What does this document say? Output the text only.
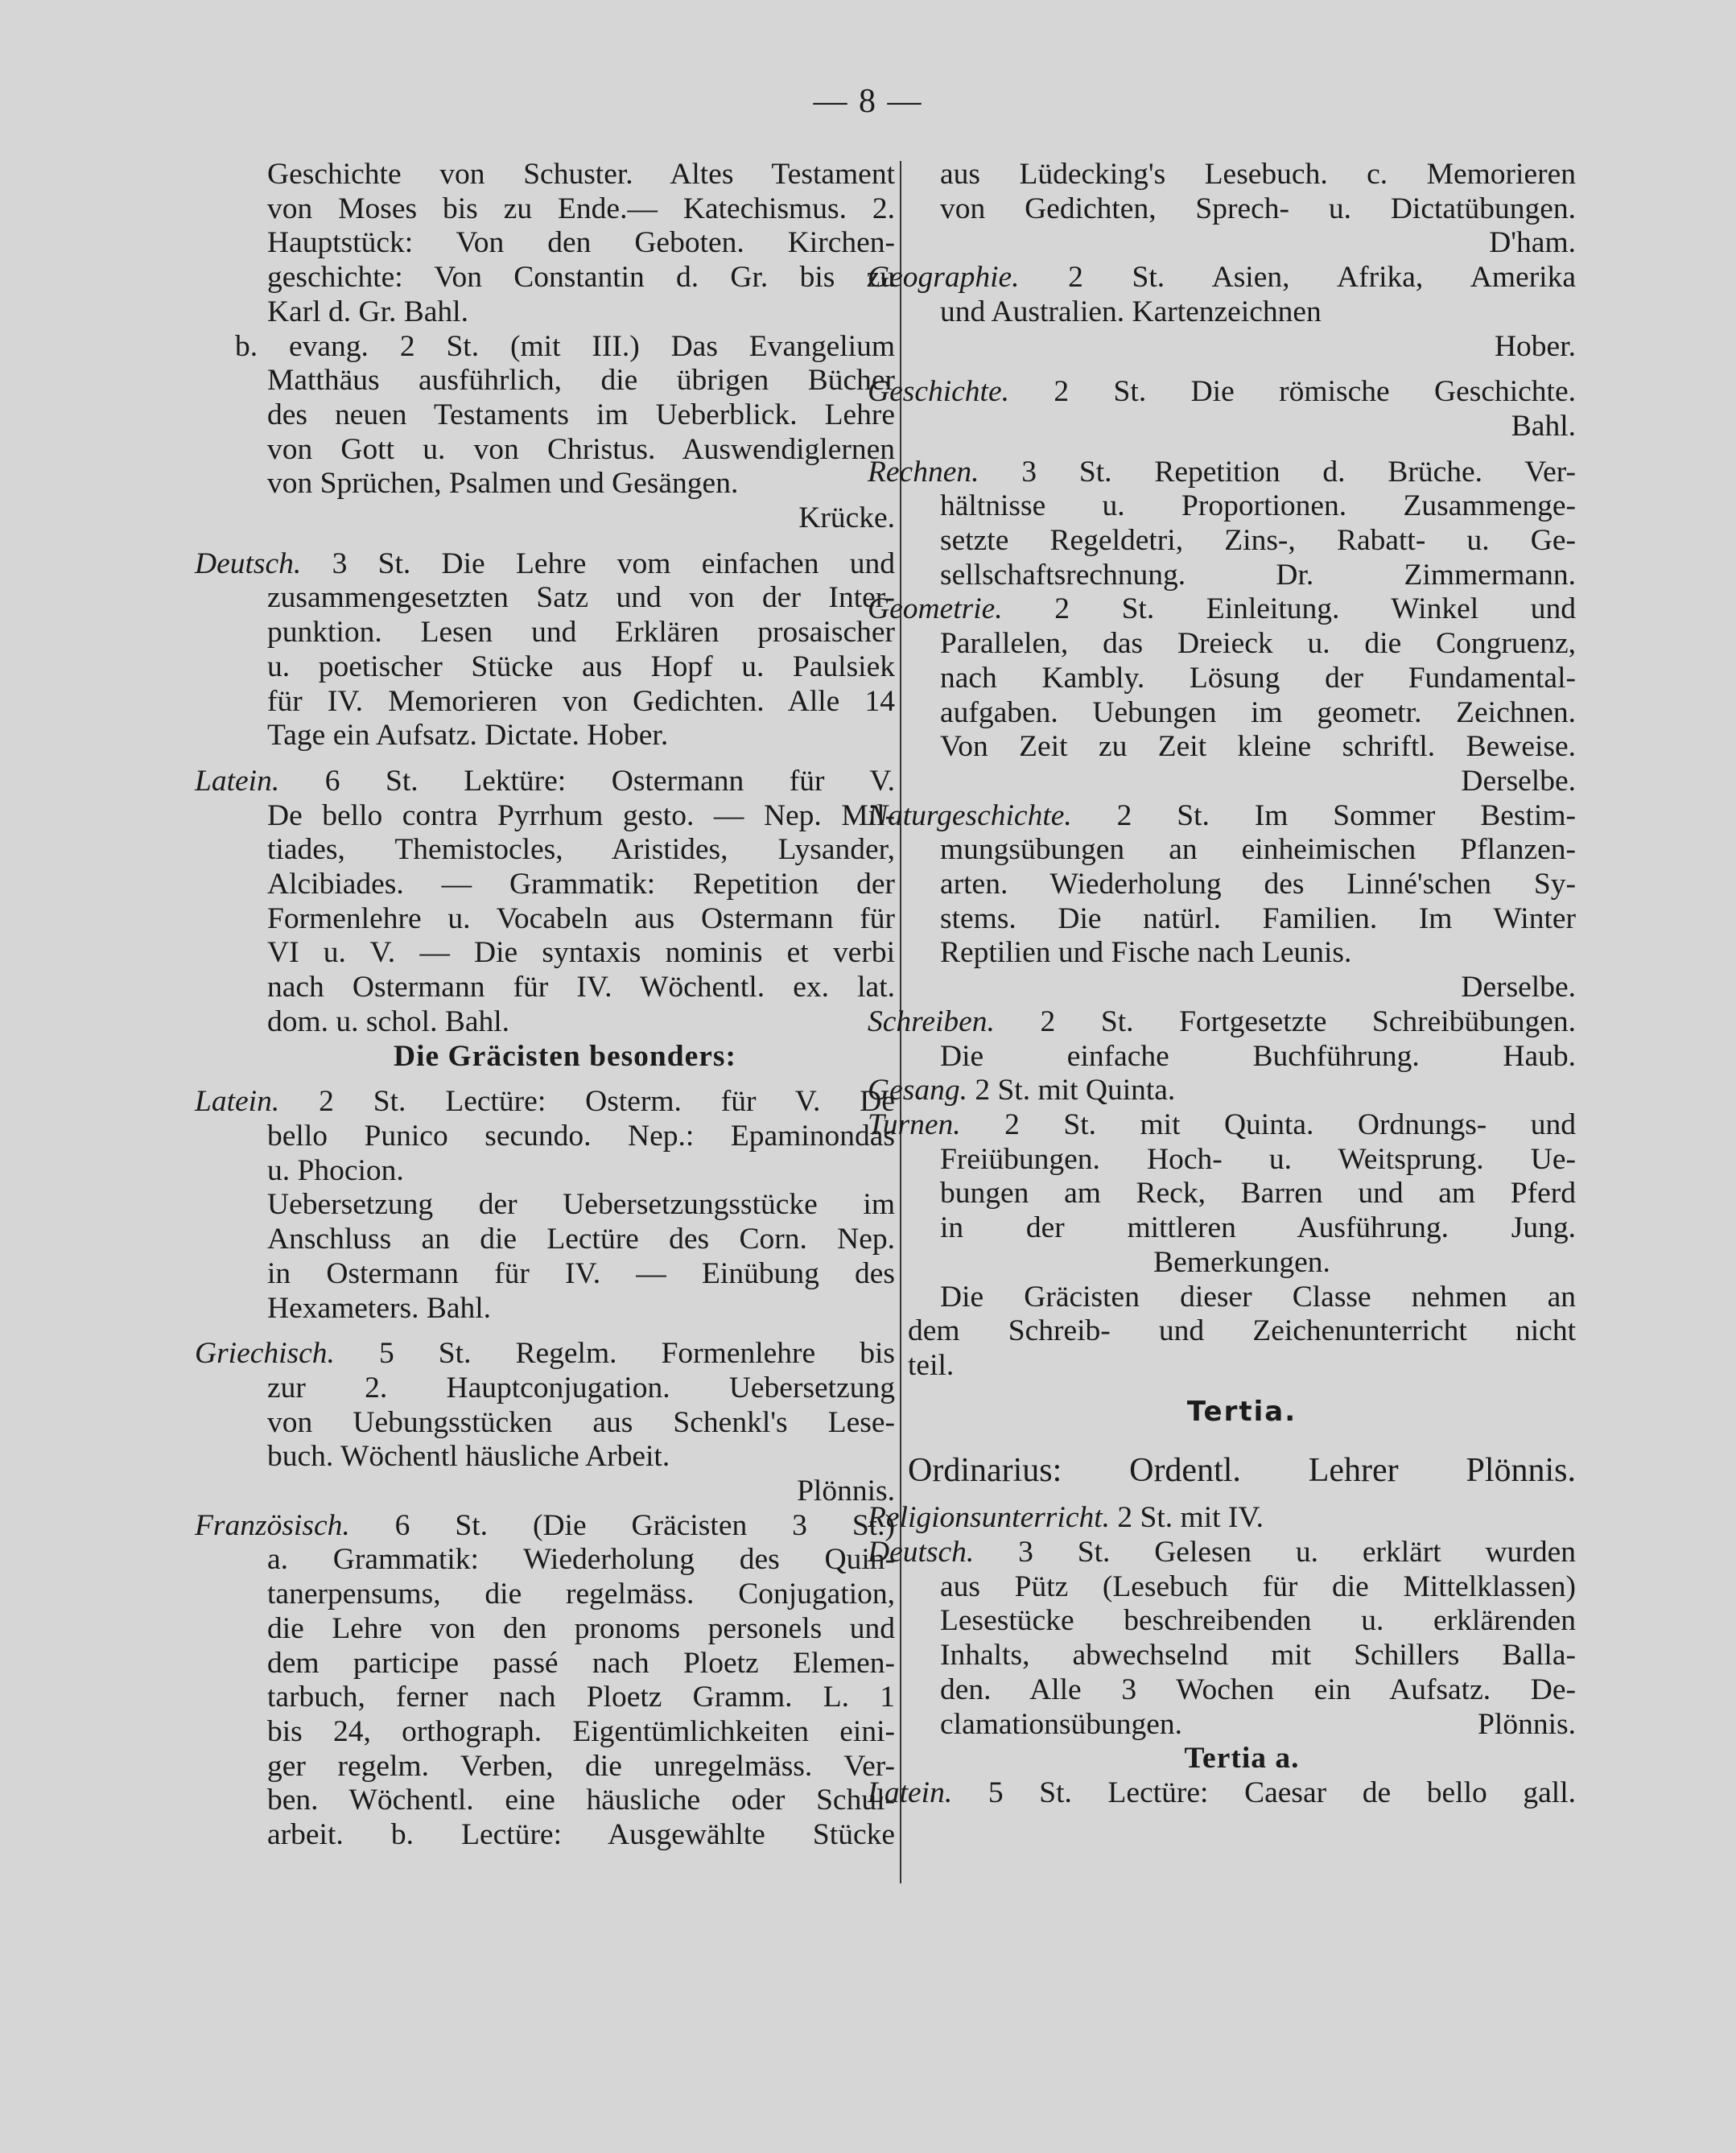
— 8 —
Geschichte von Schuster. Altes Testament
von Moses bis zu Ende.— Katechismus. 2.
Hauptstück: Von den Geboten. Kirchen-
geschichte: Von Constantin d. Gr. bis zu
Karl d. Gr. Bahl.
b. evang. 2 St. (mit III.) Das Evangelium
Matthäus ausführlich, die übrigen Bücher
des neuen Testaments im Ueberblick. Lehre
von Gott u. von Christus. Auswendiglernen
von Sprüchen, Psalmen und Gesängen.
Krücke.
Deutsch. 3 St. Die Lehre vom einfachen und
zusammengesetzten Satz und von der Inter-
punktion. Lesen und Erklären prosaischer
u. poetischer Stücke aus Hopf u. Paulsiek
für IV. Memorieren von Gedichten. Alle 14
Tage ein Aufsatz. Dictate. Hober.
Latein. 6 St. Lektüre: Ostermann für V.
De bello contra Pyrrhum gesto. — Nep. Mil-
tiades, Themistocles, Aristides, Lysander,
Alcibiades. — Grammatik: Repetition der
Formenlehre u. Vocabeln aus Ostermann für
VI u. V. — Die syntaxis nominis et verbi
nach Ostermann für IV. Wöchentl. ex. lat.
dom. u. schol. Bahl.
Die Gräcisten besonders:
Latein. 2 St. Lectüre: Osterm. für V. De
bello Punico secundo. Nep.: Epaminondas
u. Phocion.
Uebersetzung der Uebersetzungsstücke im
Anschluss an die Lectüre des Corn. Nep.
in Ostermann für IV. — Einübung des
Hexameters. Bahl.
Griechisch. 5 St. Regelm. Formenlehre bis
zur 2. Hauptconjugation. Uebersetzung
von Uebungsstücken aus Schenkl's Lese-
buch. Wöchentl häusliche Arbeit.
Plönnis.
Französisch. 6 St. (Die Gräcisten 3 St.)
a. Grammatik: Wiederholung des Quin-
tanerpensums, die regelmäss. Conjugation,
die Lehre von den pronoms personels und
dem participe passé nach Ploetz Elemen-
tarbuch, ferner nach Ploetz Gramm. L. 1
bis 24, orthograph. Eigentümlichkeiten eini-
ger regelm. Verben, die unregelmäss. Ver-
ben. Wöchentl. eine häusliche oder Schul-
arbeit. b. Lectüre: Ausgewählte Stücke
aus Lüdecking's Lesebuch. c. Memorieren
von Gedichten, Sprech- u. Dictatübungen.
D'ham.
Geographie. 2 St. Asien, Afrika, Amerika
und Australien. Kartenzeichnen
Hober.
Geschichte. 2 St. Die römische Geschichte.
Bahl.
Rechnen. 3 St. Repetition d. Brüche. Ver-
hältnisse u. Proportionen. Zusammenge-
setzte Regeldetri, Zins-, Rabatt- u. Ge-
sellschaftsrechnung. Dr. Zimmermann.
Geometrie. 2 St. Einleitung. Winkel und
Parallelen, das Dreieck u. die Congruenz,
nach Kambly. Lösung der Fundamental-
aufgaben. Uebungen im geometr. Zeichnen.
Von Zeit zu Zeit kleine schriftl. Beweise.
Derselbe.
Naturgeschichte. 2 St. Im Sommer Bestim-
mungsübungen an einheimischen Pflanzen-
arten. Wiederholung des Linné'schen Sy-
stems. Die natürl. Familien. Im Winter
Reptilien und Fische nach Leunis.
Derselbe.
Schreiben. 2 St. Fortgesetzte Schreibübungen.
Die einfache Buchführung. Haub.
Gesang. 2 St. mit Quinta.
Turnen. 2 St. mit Quinta. Ordnungs- und
Freiübungen. Hoch- u. Weitsprung. Ue-
bungen am Reck, Barren und am Pferd
in der mittleren Ausführung. Jung.
Bemerkungen.
Die Gräcisten dieser Classe nehmen an
dem Schreib- und Zeichenunterricht nicht
teil.
Tertia.
Ordinarius: Ordentl. Lehrer Plönnis.
Religionsunterricht. 2 St. mit IV.
Deutsch. 3 St. Gelesen u. erklärt wurden
aus Pütz (Lesebuch für die Mittelklassen)
Lesestücke beschreibenden u. erklärenden
Inhalts, abwechselnd mit Schillers Balla-
den. Alle 3 Wochen ein Aufsatz. De-
clamationsübungen. Plönnis.
Tertia a.
Latein. 5 St. Lectüre: Caesar de bello gall.
